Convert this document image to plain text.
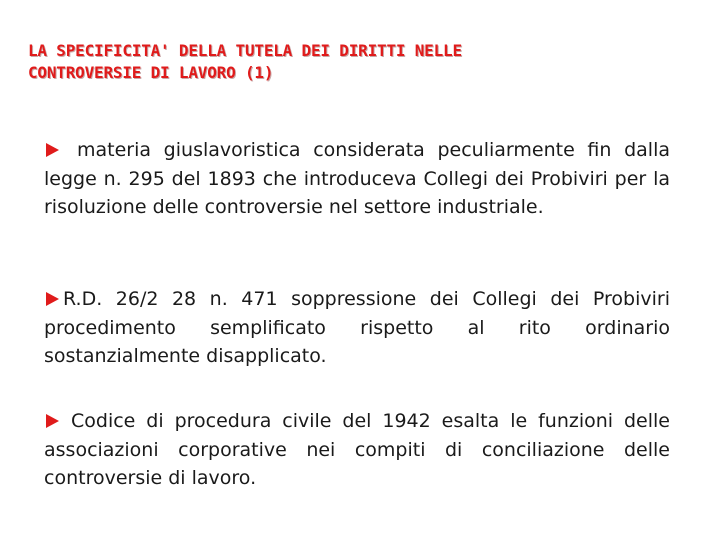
LA SPECIFICITA' DELLA TUTELA DEI DIRITTI NELLE
CONTROVERSIE DI LAVORO (1)

materia giuslavoristica considerata peculiarmente fin dalla legge n. 295 del 1893 che introduceva Collegi dei Probiviri per la risoluzione delle controversie nel settore industriale.

R.D. 26/2 28 n. 471 soppressione dei Collegi dei Probiviri procedimento semplificato rispetto al rito ordinario sostanzialmente disapplicato.

Codice di procedura civile del 1942 esalta le funzioni delle associazioni corporative nei compiti di conciliazione delle controversie di lavoro.
